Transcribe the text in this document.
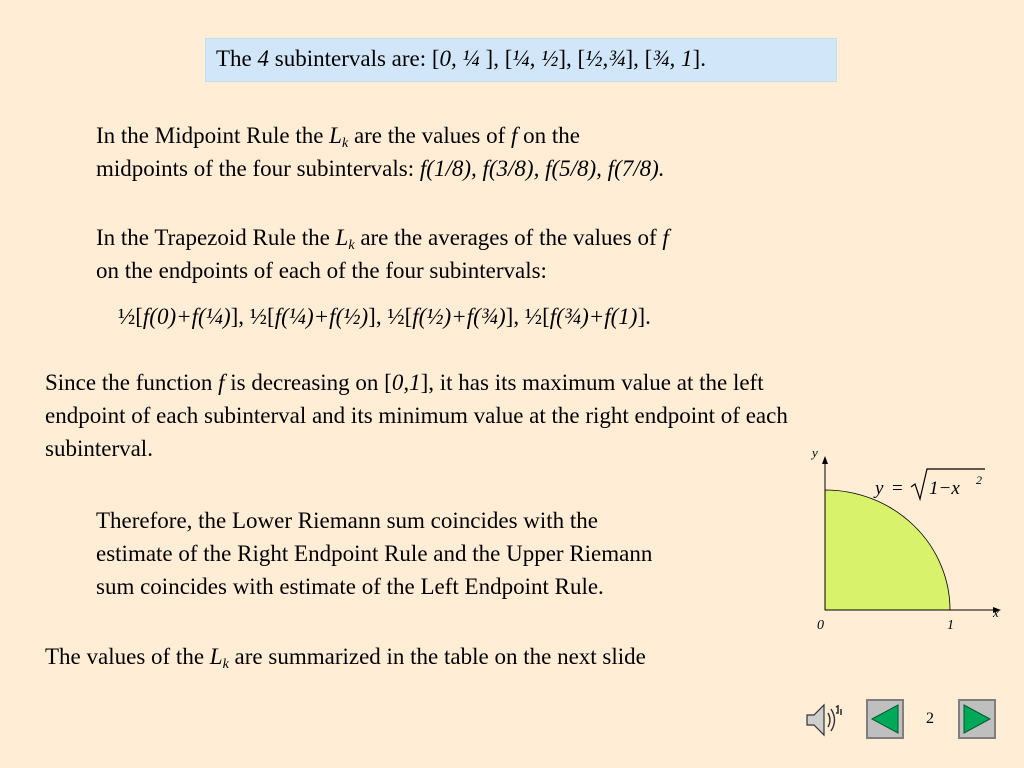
The 4 subintervals are: [0, ¼ ], [¼, ½], [½,¾], [¾, 1].
In the Midpoint Rule the $L_k$ are the values of f on the
midpoints of the four subintervals: f(1/8), f(3/8), f(5/8), f(7/8).
In the Trapezoid Rule the $L_k$ are the averages of the values of f
on the endpoints of each of the four subintervals:
½[f(0)+f(¼)], ½[f(¼)+f(½)], ½[f(½)+f(¾)], ½[f(¾)+f(1)].
Since the function f is decreasing on [0,1], it has its maximum value at the left
endpoint of each subinterval and its minimum value at the right endpoint of each
subinterval.
Therefore, the Lower Riemann sum coincides with the
estimate of the Right Endpoint Rule and the Upper Riemann
sum coincides with estimate of the Left Endpoint Rule.
The values of the $L_k$ are summarized in the table on the next slide
y
x
0	1
y = 1−x 2
2
